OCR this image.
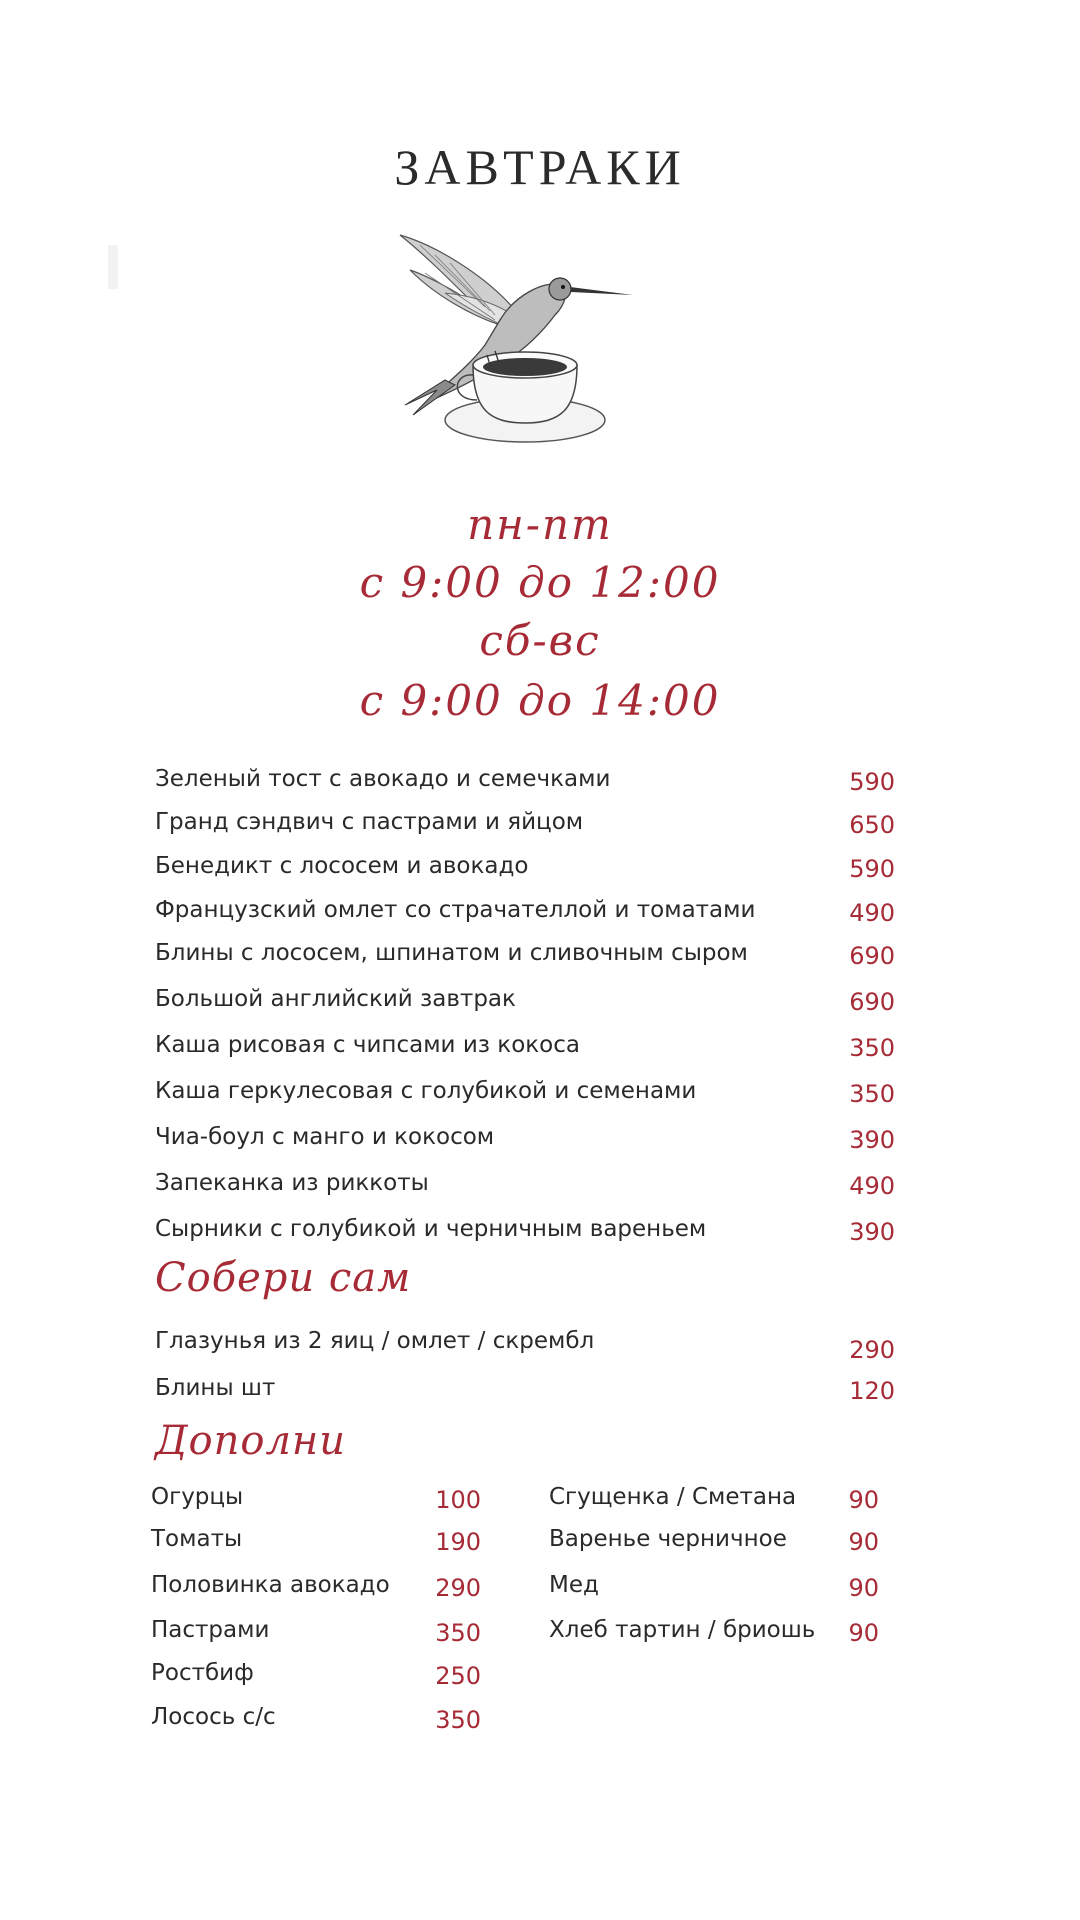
ЗАВТРАКИ
пн-пт
с 9:00 до 12:00
сб-вс
с 9:00 до 14:00
Зеленый тост с авокадо и семечками	590
Гранд сэндвич с пастрами и яйцом	650
Бенедикт с лососем и авокадо	590
Французский омлет со страчателлой и томатами	490
Блины с лососем, шпинатом и сливочным сыром	690
Большой английский завтрак	690
Каша рисовая с чипсами из кокоса	350
Каша геркулесовая с голубикой и семенами	350
Чиа-боул с манго и кокосом	390
Запеканка из риккоты	490
Сырники с голубикой и черничным вареньем	390
Собери сам
Глазунья из 2 яиц / омлет / скрембл	290
Блины шт	120
Дополни
Огурцы	100
Томаты	190
Половинка авокадо	290
Пастрами	350
Ростбиф	250
Лосось с/с	350
Сгущенка / Сметана	90
Варенье черничное	90
Мед	90
Хлеб тартин / бриошь	90
